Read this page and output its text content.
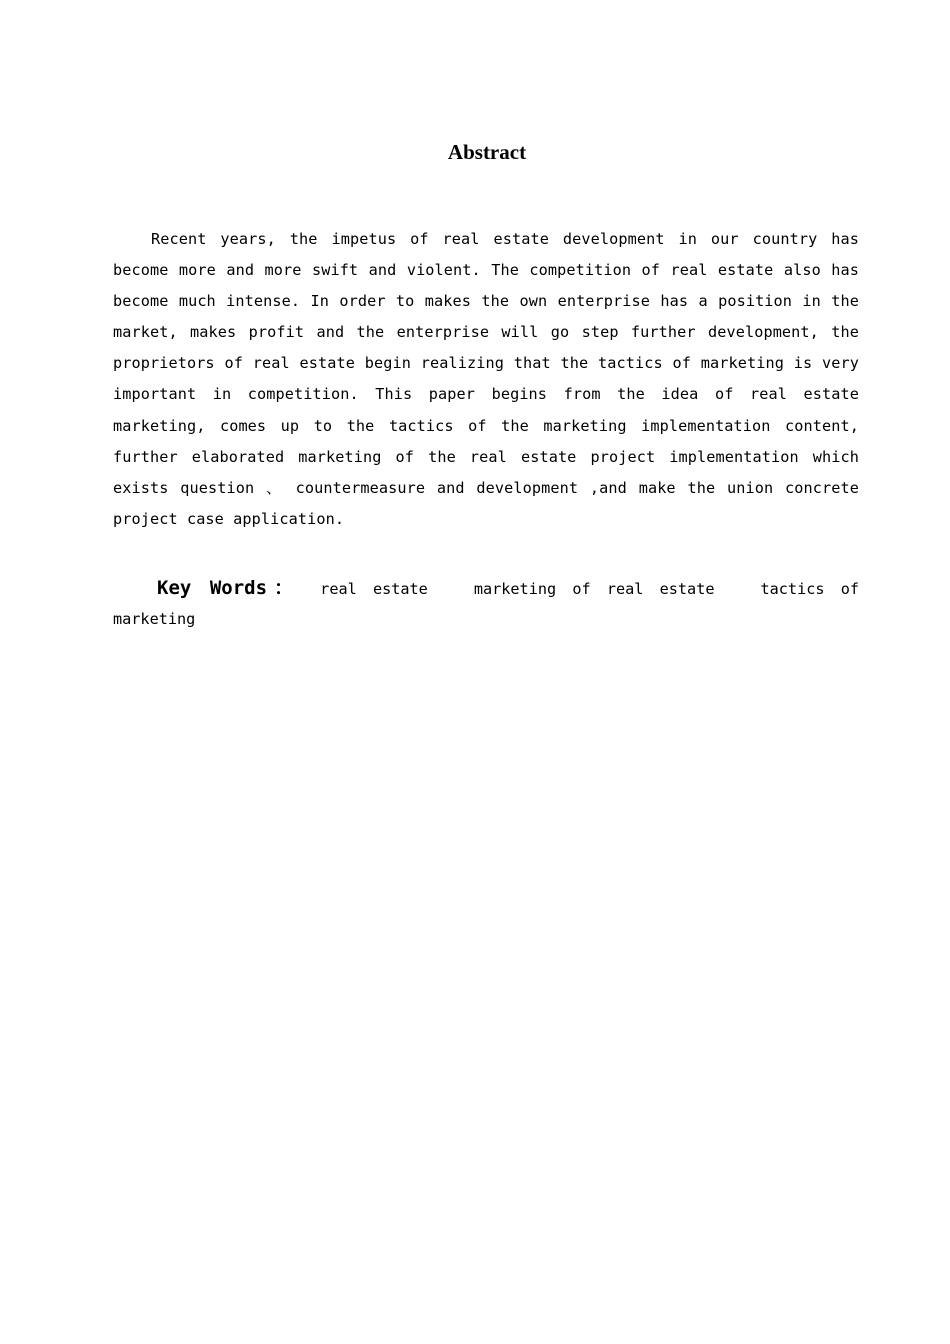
Abstract

Recent years, the impetus of real estate development in our country has become more and more swift and violent. The competition of real estate also has become much intense. In order to makes the own enterprise has a position in the market, makes profit and the enterprise will go step further development, the proprietors of real estate begin realizing that the tactics of marketing is very important in competition. This paper begins from the idea of real estate marketing, comes up to the tactics of the marketing implementation content, further elaborated marketing of the real estate project implementation which exists question 、 countermeasure and development ,and make the union concrete project case application.

Key Words： real estate	marketing of real estate	tactics of marketing
